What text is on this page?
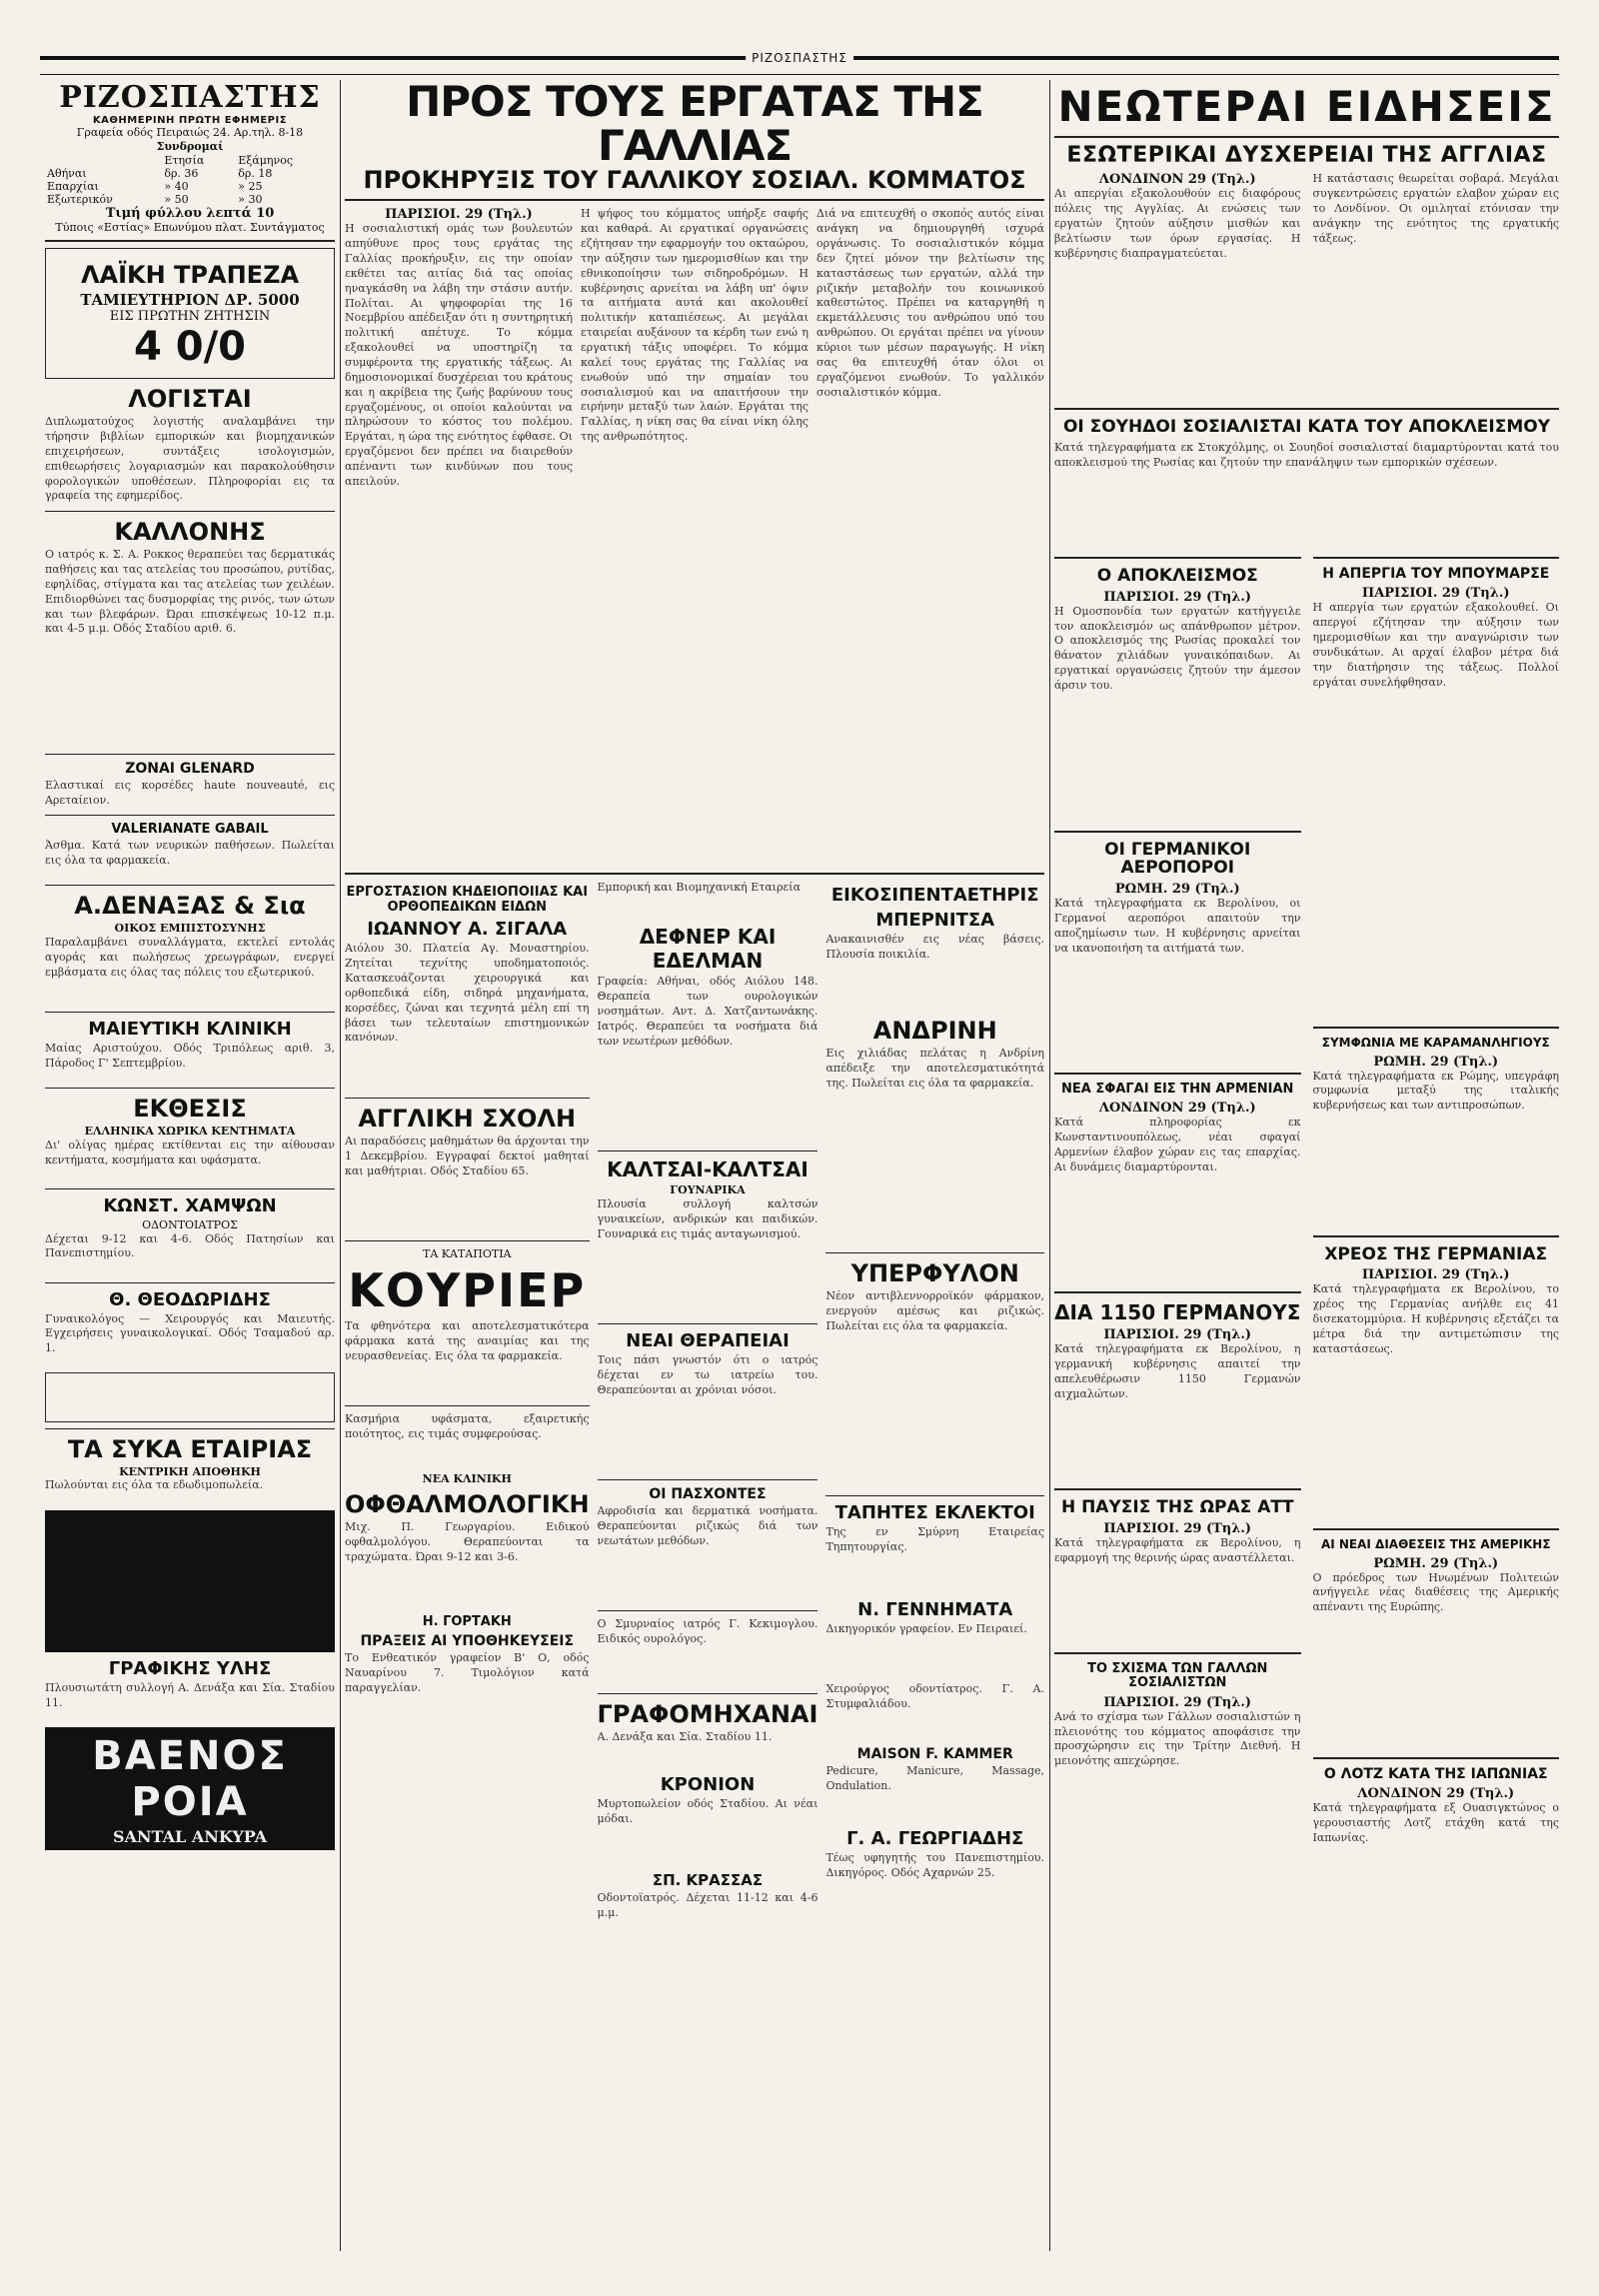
ΡΙΖΟΣΠΑΣΤΗΣ
ΡΙΖΟΣΠΑΣΤΗΣ
ΚΑΘΗΜΕΡΙΝΗ ΠΡΩΤΗ ΕΦΗΜΕΡΙΣ
Γραφεία οδός Πειραιώς 24. Αρ.τηλ. 8-18
Συνδρομαί
	Ετησία	Εξάμηνος
Αθήναι	δρ. 36	δρ. 18
Επαρχίαι	» 40	» 25
Εξωτερικόν	» 50	» 30
Τιμή φύλλου λεπτά 10
Τύποις «Εστίας» Επωνύμου πλατ. Συντάγματος
ΛΑΪΚΗ ΤΡΑΠΕΖΑ
ΤΑΜΙΕΥΤΗΡΙΟΝ ΔΡ. 5000
ΕΙΣ ΠΡΩΤΗΝ ΖΗΤΗΣΙΝ
4 0/0
ΛΟΓΙΣΤΑΙ
Διπλωματούχος λογιστής αναλαμβάνει την τήρησιν βιβλίων εμπορικών και βιομηχανικών επιχειρήσεων, συντάξεις ισολογισμών, επιθεωρήσεις λογαριασμών και παρακολούθησιν φορολογικών υποθέσεων. Πληροφορίαι εις τα γραφεία της εφημερίδος.
ΚΑΛΛΟΝΗΣ
Ο ιατρός κ. Σ. Α. Ροκκος θεραπεύει τας δερματικάς παθήσεις και τας ατελείας του προσώπου, ρυτίδας, εφηλίδας, στίγματα και τας ατελείας των χειλέων. Επιδιορθώνει τας δυσμορφίας της ρινός, των ώτων και των βλεφάρων. Ώραι επισκέψεως 10-12 π.μ. και 4-5 μ.μ. Οδός Σταδίου αριθ. 6.
ZONAI GLENARD
Ελαστικαί εις κορσέδες haute nouveauté, εις Αρεταίειον.
VALERIANATE GABAIL
Άσθμα. Κατά των νευρικών παθήσεων. Πωλείται εις όλα τα φαρμακεία.
Α.ΔΕΝΑΞΑΣ & Σια
ΟΙΚΟΣ ΕΜΠΙΣΤΟΣΥΝΗΣ
Παραλαμβάνει συναλλάγματα, εκτελεί εντολάς αγοράς και πωλήσεως χρεωγράφων, ενεργεί εμβάσματα εις όλας τας πόλεις του εξωτερικού.
ΜΑΙΕΥΤΙΚΗ ΚΛΙΝΙΚΗ
Μαίας Αριστούχου. Οδός Τριπόλεως αριθ. 3, Πάροδος Γ' Σεπτεμβρίου.
ΕΚΘΕΣΙΣ
ΕΛΛΗΝΙΚΑ ΧΩΡΙΚΑ ΚΕΝΤΗΜΑΤΑ
Δι' ολίγας ημέρας εκτίθενται εις την αίθουσαν κεντήματα, κοσμήματα και υφάσματα.
ΚΩΝΣΤ. ΧΑΜΨΩΝ
ΟΔΟΝΤΟΙΑΤΡΟΣ
Δέχεται 9-12 και 4-6. Οδός Πατησίων και Πανεπιστημίου.
Θ. ΘΕΟΔΩΡΙΔΗΣ
Γυναικολόγος — Χειρουργός και Μαιευτής. Εγχειρήσεις γυναικολογικαί. Οδός Τσαμαδού αρ. 1.
ΤΑ ΣΥΚΑ ΕΤΑΙΡΙΑΣ
ΚΕΝΤΡΙΚΗ ΑΠΟΘΗΚΗ
Πωλούνται εις όλα τα εδωδιμοπωλεία.
ΓΡΑΦΙΚΗΣ ΥΛΗΣ
Πλουσιωτάτη συλλογή Α. Δενάξα και Σία. Σταδίου 11.
ΒΑΕΝΟΣ ΡΟΙΑ
SANTAL ANKYPA
ΠΡΟΣ ΤΟΥΣ ΕΡΓΑΤΑΣ ΤΗΣ ΓΑΛΛΙΑΣ
ΠΡΟΚΗΡΥΞΙΣ ΤΟΥ ΓΑΛΛΙΚΟΥ ΣΟΣΙΑΛ. ΚΟΜΜΑΤΟΣ
ΠΑΡΙΣΙΟΙ. 29 (Τηλ.)
Η σοσιαλιστική ομάς των βουλευτών απηύθυνε προς τους εργάτας της Γαλλίας προκήρυξιν, εις την οποίαν εκθέτει τας αιτίας διά τας οποίας ηναγκάσθη να λάβη την στάσιν αυτήν. Πολίται. Αι ψηφοφορίαι της 16 Νοεμβρίου απέδειξαν ότι η συντηρητική πολιτική απέτυχε. Το κόμμα εξακολουθεί να υποστηρίζη τα συμφέροντα της εργατικής τάξεως. Αι δημοσιονομικαί δυσχέρειαι του κράτους και η ακρίβεια της ζωής βαρύνουν τους εργαζομένους, οι οποίοι καλούνται να πληρώσουν το κόστος του πολέμου. Εργάται, η ώρα της ενότητος έφθασε. Οι εργαζόμενοι δεν πρέπει να διαιρεθούν απέναντι των κινδύνων που τους απειλούν.
Η ψήφος του κόμματος υπήρξε σαφής και καθαρά. Αι εργατικαί οργανώσεις εζήτησαν την εφαρμογήν του οκταώρου, την αύξησιν των ημερομισθίων και την εθνικοποίησιν των σιδηροδρόμων. Η κυβέρνησις αρνείται να λάβη υπ' όψιν τα αιτήματα αυτά και ακολουθεί πολιτικήν καταπιέσεως. Αι μεγάλαι εταιρείαι αυξάνουν τα κέρδη των ενώ η εργατική τάξις υποφέρει. Το κόμμα καλεί τους εργάτας της Γαλλίας να ενωθούν υπό την σημαίαν του σοσιαλισμού και να απαιτήσουν την ειρήνην μεταξύ των λαών. Εργάται της Γαλλίας, η νίκη σας θα είναι νίκη όλης της ανθρωπότητος.
Διά να επιτευχθή ο σκοπός αυτός είναι ανάγκη να δημιουργηθή ισχυρά οργάνωσις. Το σοσιαλιστικόν κόμμα δεν ζητεί μόνον την βελτίωσιν της καταστάσεως των εργατών, αλλά την ριζικήν μεταβολήν του κοινωνικού καθεστώτος. Πρέπει να καταργηθή η εκμετάλλευσις του ανθρώπου υπό του ανθρώπου. Οι εργάται πρέπει να γίνουν κύριοι των μέσων παραγωγής. Η νίκη σας θα επιτευχθή όταν όλοι οι εργαζόμενοι ενωθούν. Το γαλλικόν σοσιαλιστικόν κόμμα.
ΕΡΓΟΣΤΑΣΙΟΝ ΚΗΔΕΙΟΠΟΙΙΑΣ ΚΑΙ ΟΡΘΟΠΕΔΙΚΩΝ ΕΙΔΩΝ
ΙΩΑΝΝΟΥ Α. ΣΙΓΑΛΑ
Αιόλου 30. Πλατεία Αγ. Μοναστηρίου. Ζητείται τεχνίτης υποδηματοποιός. Κατασκευάζονται χειρουργικά και ορθοπεδικά είδη, σιδηρά μηχανήματα, κορσέδες, ζώναι και τεχνητά μέλη επί τη βάσει των τελευταίων επιστημονικών κανόνων.
ΑΓΓΛΙΚΗ ΣΧΟΛΗ
Αι παραδόσεις μαθημάτων θα άρχονται την 1 Δεκεμβρίου. Εγγραφαί δεκτοί μαθηταί και μαθήτριαι. Οδός Σταδίου 65.
ΤΑ ΚΑΤΑΠΟΤΙΑ
ΚΟΥΡΙΕΡ
Τα φθηνότερα και αποτελεσματικότερα φάρμακα κατά της αναιμίας και της νευρασθενείας. Εις όλα τα φαρμακεία.
Κασμήρια υφάσματα, εξαιρετικής ποιότητος, εις τιμάς συμφερούσας.
ΝΕΑ ΚΛΙΝΙΚΗ
ΟΦΘΑΛΜΟΛΟΓΙΚΗ
Μιχ. Π. Γεωργαρίου. Ειδικού οφθαλμολόγου. Θεραπεύονται τα τραχώματα. Ώραι 9-12 και 3-6.
Η. ΓΟΡΤΑΚΗ
ΠΡΑΞΕΙΣ ΑΙ ΥΠΟΘΗΚΕΥΣΕΙΣ
Το Ενθεατικόν γραφείον Β' Ο, οδός Ναυαρίνου 7. Τιμολόγιον κατά παραγγελίαν.
Εμπορική και Βιομηχανική Εταιρεία
ΔΕΦΝΕΡ ΚΑΙ ΕΔΕΛΜΑΝ
Γραφεία: Αθήναι, οδός Αιόλου 148. Θεραπεία των ουρολογικών νοσημάτων. Αντ. Δ. Χατζαντωνάκης. Ιατρός. Θεραπεύει τα νοσήματα διά των νεωτέρων μεθόδων.
ΚΑΛΤΣΑΙ-ΚΑΛΤΣΑΙ
ΓΟΥΝΑΡΙΚΑ
Πλουσία συλλογή καλτσών γυναικείων, ανδρικών και παιδικών. Γουναρικά εις τιμάς ανταγωνισμού.
ΝΕΑΙ ΘΕΡΑΠΕΙΑΙ
Τοις πάσι γνωστόν ότι ο ιατρός δέχεται εν τω ιατρείω του. Θεραπεύονται αι χρόνιαι νόσοι.
ΟΙ ΠΑΣΧΟΝΤΕΣ
Αφροδισία και δερματικά νοσήματα. Θεραπεύονται ριζικώς διά των νεωτάτων μεθόδων.
Ο Σμυρναίος ιατρός Γ. Κεκιμογλου. Ειδικός ουρολόγος.
ΓΡΑΦΟΜΗΧΑΝΑΙ
Α. Δενάξα και Σία. Σταδίου 11.
ΚΡΟΝΙΟΝ
Μυρτοπωλείον οδός Σταδίου. Αι νέαι μόδαι.
ΣΠ. ΚΡΑΣΣΑΣ
Οδοντοϊατρός. Δέχεται 11-12 και 4-6 μ.μ.
ΕΙΚΟΣΙΠΕΝΤΑΕΤΗΡΙΣ
ΜΠΕΡΝΙΤΣΑ
Ανακαινισθέν εις νέας βάσεις. Πλουσία ποικιλία.
ΑΝΔΡΙΝΗ
Εις χιλιάδας πελάτας η Ανδρίνη απέδειξε την αποτελεσματικότητά της. Πωλείται εις όλα τα φαρμακεία.
ΥΠΕΡΦΥΛΟΝ
Νέον αντιβλεννορροϊκόν φάρμακον, ενεργούν αμέσως και ριζικώς. Πωλείται εις όλα τα φαρμακεία.
ΤΑΠΗΤΕΣ ΕΚΛΕΚΤΟΙ
Της εν Σμύρνη Εταιρείας Τηπητουργίας.
Ν. ΓΕΝΝΗΜΑΤΑ
Δικηγορικόν γραφείον. Εν Πειραιεί.
Χειρούργος οδοντίατρος. Γ. Α. Στυμφαλιάδου.
MAISON F. KAMMER
Pedicure, Manicure, Massage, Ondulation.
Γ. Α. ΓΕΩΡΓΙΑΔΗΣ
Τέως υφηγητής του Πανεπιστημίου. Δικηγόρος. Οδός Αχαρνών 25.
ΝΕΩΤΕΡΑΙ ΕΙΔΗΣΕΙΣ
ΕΣΩΤΕΡΙΚΑΙ ΔΥΣΧΕΡΕΙΑΙ ΤΗΣ ΑΓΓΛΙΑΣ
ΛΟΝΔΙΝΟΝ 29 (Τηλ.)
Αι απεργίαι εξακολουθούν εις διαφόρους πόλεις της Αγγλίας. Αι ενώσεις των εργατών ζητούν αύξησιν μισθών και βελτίωσιν των όρων εργασίας. Η κυβέρνησις διαπραγματεύεται.
Η κατάστασις θεωρείται σοβαρά. Μεγάλαι συγκεντρώσεις εργατών ελαβον χώραν εις το Λονδίνον. Οι ομιληταί ετόνισαν την ανάγκην της ενότητος της εργατικής τάξεως.
ΟΙ ΣΟΥΗΔΟΙ ΣΟΣΙΑΛΙΣΤΑΙ ΚΑΤΑ ΤΟΥ ΑΠΟΚΛΕΙΣΜΟΥ
Κατά τηλεγραφήματα εκ Στοκχόλμης, οι Σουηδοί σοσιαλισταί διαμαρτύρονται κατά του αποκλεισμού της Ρωσίας και ζητούν την επανάληψιν των εμπορικών σχέσεων.
Ο ΑΠΟΚΛΕΙΣΜΟΣ
ΠΑΡΙΣΙΟΙ. 29 (Τηλ.)
Η Ομοσπονδία των εργατών κατήγγειλε τον αποκλεισμόν ως απάνθρωπον μέτρον. Ο αποκλεισμός της Ρωσίας προκαλεί τον θάνατον χιλιάδων γυναικόπαιδων. Αι εργατικαί οργανώσεις ζητούν την άμεσον άρσιν του.
ΟΙ ΓΕΡΜΑΝΙΚΟΙ ΑΕΡΟΠΟΡΟΙ
ΡΩΜΗ. 29 (Τηλ.)
Κατά τηλεγραφήματα εκ Βερολίνου, οι Γερμανοί αεροπόροι απαιτούν την αποζημίωσιν των. Η κυβέρνησις αρνείται να ικανοποιήση τα αιτήματά των.
ΝΕΑ ΣΦΑΓΑΙ ΕΙΣ ΤΗΝ ΑΡΜΕΝΙΑΝ
ΛΟΝΔΙΝΟΝ 29 (Τηλ.)
Κατά πληροφορίας εκ Κωνσταντινουπόλεως, νέαι σφαγαί Αρμενίων έλαβον χώραν εις τας επαρχίας. Αι δυνάμεις διαμαρτύρονται.
ΔΙΑ 1150 ΓΕΡΜΑΝΟΥΣ
ΠΑΡΙΣΙΟΙ. 29 (Τηλ.)
Κατά τηλεγραφήματα εκ Βερολίνου, η γερμανική κυβέρνησις απαιτεί την απελευθέρωσιν 1150 Γερμανών αιχμαλώτων.
Η ΠΑΥΣΙΣ ΤΗΣ ΩΡΑΣ ΑΤΤ
ΠΑΡΙΣΙΟΙ. 29 (Τηλ.)
Κατά τηλεγραφήματα εκ Βερολίνου, η εφαρμογή της θερινής ώρας αναστέλλεται.
ΤΟ ΣΧΙΣΜΑ ΤΩΝ ΓΑΛΛΩΝ ΣΟΣΙΑΛΙΣΤΩΝ
ΠΑΡΙΣΙΟΙ. 29 (Τηλ.)
Ανά το σχίσμα των Γάλλων σοσιαλιστών η πλειονότης του κόμματος αποφάσισε την προσχώρησιν εις την Τρίτην Διεθνή. Η μειονότης απεχώρησε.
Η ΑΠΕΡΓΙΑ ΤΟΥ ΜΠΟΥΜΑΡΣΕ
ΠΑΡΙΣΙΟΙ. 29 (Τηλ.)
Η απεργία των εργατών εξακολουθεί. Οι απεργοί εζήτησαν την αύξησιν των ημερομισθίων και την αναγνώρισιν των συνδικάτων. Αι αρχαί έλαβον μέτρα διά την διατήρησιν της τάξεως. Πολλοί εργάται συνελήφθησαν.
ΣΥΜΦΩΝΙΑ ΜΕ ΚΑΡΑΜΑΝΛΗΓΙΟΥΣ
ΡΩΜΗ. 29 (Τηλ.)
Κατά τηλεγραφήματα εκ Ρώμης, υπεγράφη συμφωνία μεταξύ της ιταλικής κυβερνήσεως και των αντιπροσώπων.
ΧΡΕΟΣ ΤΗΣ ΓΕΡΜΑΝΙΑΣ
ΠΑΡΙΣΙΟΙ. 29 (Τηλ.)
Κατά τηλεγραφήματα εκ Βερολίνου, το χρέος της Γερμανίας ανήλθε εις 41 δισεκατομμύρια. Η κυβέρνησις εξετάζει τα μέτρα διά την αντιμετώπισιν της καταστάσεως.
ΑΙ ΝΕΑΙ ΔΙΑΘΕΣΕΙΣ ΤΗΣ ΑΜΕΡΙΚΗΣ
ΡΩΜΗ. 29 (Τηλ.)
Ο πρόεδρος των Ηνωμένων Πολιτειών ανήγγειλε νέας διαθέσεις της Αμερικής απέναντι της Ευρώπης.
Ο ΛΟΤΖ ΚΑΤΑ ΤΗΣ ΙΑΠΩΝΙΑΣ
ΛΟΝΔΙΝΟΝ 29 (Τηλ.)
Κατά τηλεγραφήματα εξ Ουασιγκτώνος ο γερουσιαστής Λοτζ ετάχθη κατά της Ιαπωνίας.
